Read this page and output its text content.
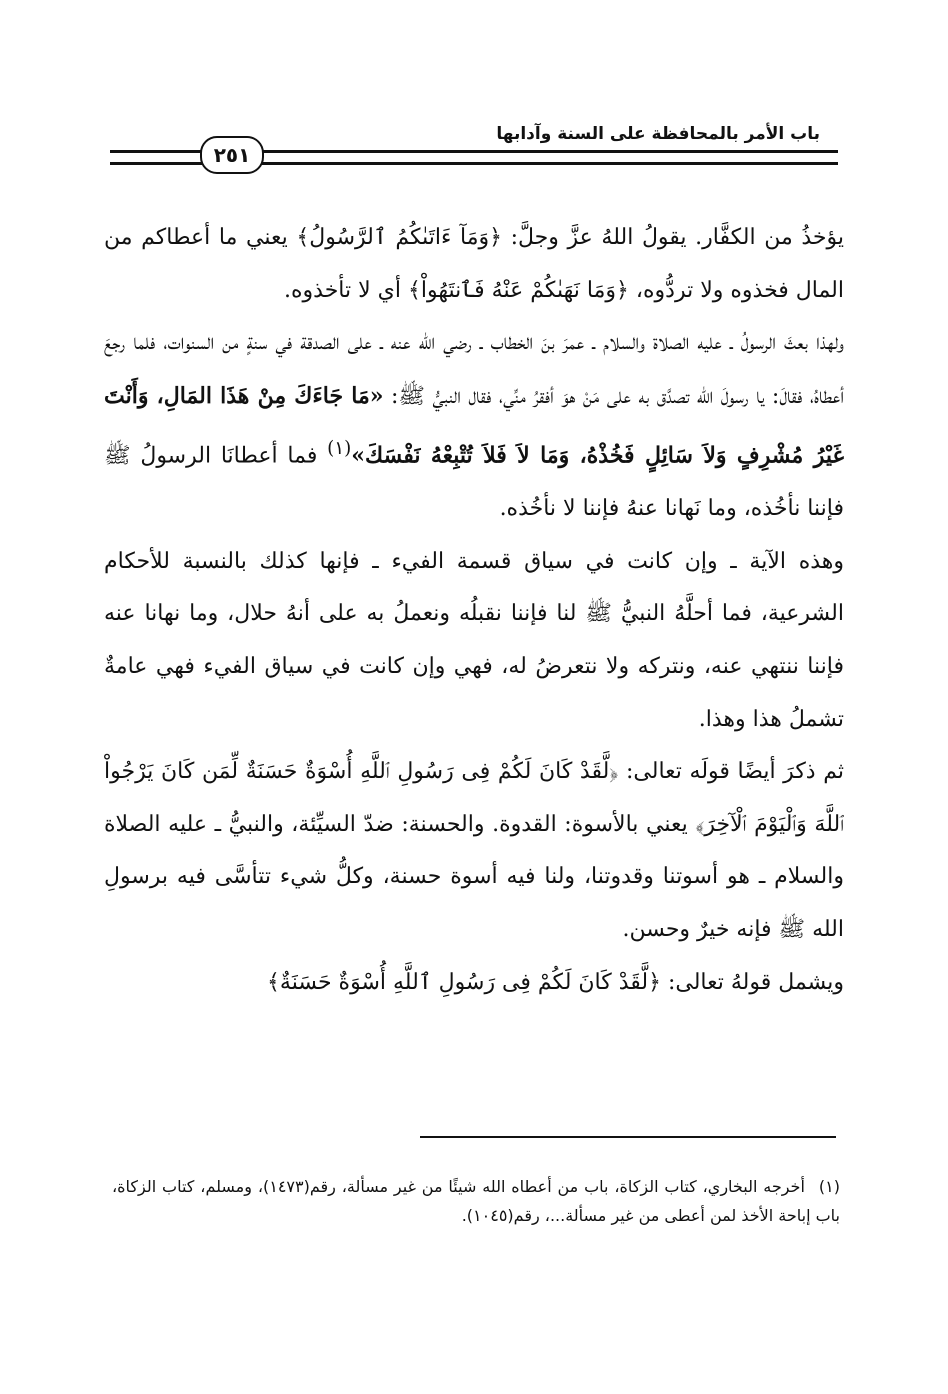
باب الأمر بالمحافظة على السنة وآدابها
٢٥١

يؤخذُ من الكفَّار. يقولُ اللهُ عزَّ وجلَّ: ﴿وَمَآ ءَاتَىٰكُمُ ٱلرَّسُولُ﴾ يعني ما أعطاكم من المال فخذوه ولا تردُّوه، ﴿وَمَا نَهَىٰكُمْ عَنْهُ فَٱنتَهُواْ﴾ أي لا تأخذوه.

ولهذا بعثَ الرسولُ ـ عليه الصلاة والسلام ـ عمرَ بنَ الخطاب ـ رضي الله عنه ـ على الصدقة في سنةٍ من السنوات، فلما رجعَ أعطاهُ، فقالَ: يا رسولَ الله تصدَّق به على مَنْ هوَ أفقرُ منِّي، فقال النبيُّ ﷺ: «مَا جَاءَكَ مِنْ هَذَا المَالِ، وَأَنْتَ غَيْرُ مُشْرِفٍ وَلاَ سَائِلٍ فَخُذْهُ، وَمَا لاَ فَلاَ تُتْبِعْهُ نَفْسَكَ»$^{(١)}$ فما أعطانَا الرسولُ ﷺ فإننا نأخُذه، وما نَهانا عنهُ فإننا لا نأخُذه.

وهذه الآية ـ وإن كانت في سياق قسمة الفيء ـ فإنها كذلك بالنسبة للأحكام الشرعية، فما أحلَّهُ النبيُّ ﷺ لنا فإننا نقبلُه ونعملُ به على أنهُ حلال، وما نهانا عنه فإننا ننتهي عنه، ونتركه ولا نتعرضُ له، فهي وإن كانت في سياق الفيء فهي عامةٌ تشملُ هذا وهذا.

ثم ذكرَ أيضًا قولَه تعالى: ﴿لَّقَدْ كَانَ لَكُمْ فِى رَسُولِ ٱللَّهِ أُسْوَةٌ حَسَنَةٌ لِّمَن كَانَ يَرْجُواْ ٱللَّهَ وَٱلْيَوْمَ ٱلْآخِرَ﴾ يعني بالأسوة: القدوة. والحسنة: ضدّ السيِّئة، والنبيُّ ـ عليه الصلاة والسلام ـ هو أسوتنا وقدوتنا، ولنا فيه أسوة حسنة، وكلُّ شيء تتأسَّى فيه برسولِ الله ﷺ فإنه خيرٌ وحسن.

ويشمل قولهُ تعالى: ﴿لَّقَدْ كَانَ لَكُمْ فِى رَسُولِ ٱللَّهِ أُسْوَةٌ حَسَنَةٌ﴾

(١)أخرجه البخاري، كتاب الزكاة، باب من أعطاه الله شيئًا من غير مسألة، رقم(١٤٧٣)، ومسلم، كتاب الزكاة، باب إباحة الأخذ لمن أعطى من غير مسألة...، رقم(١٠٤٥).
